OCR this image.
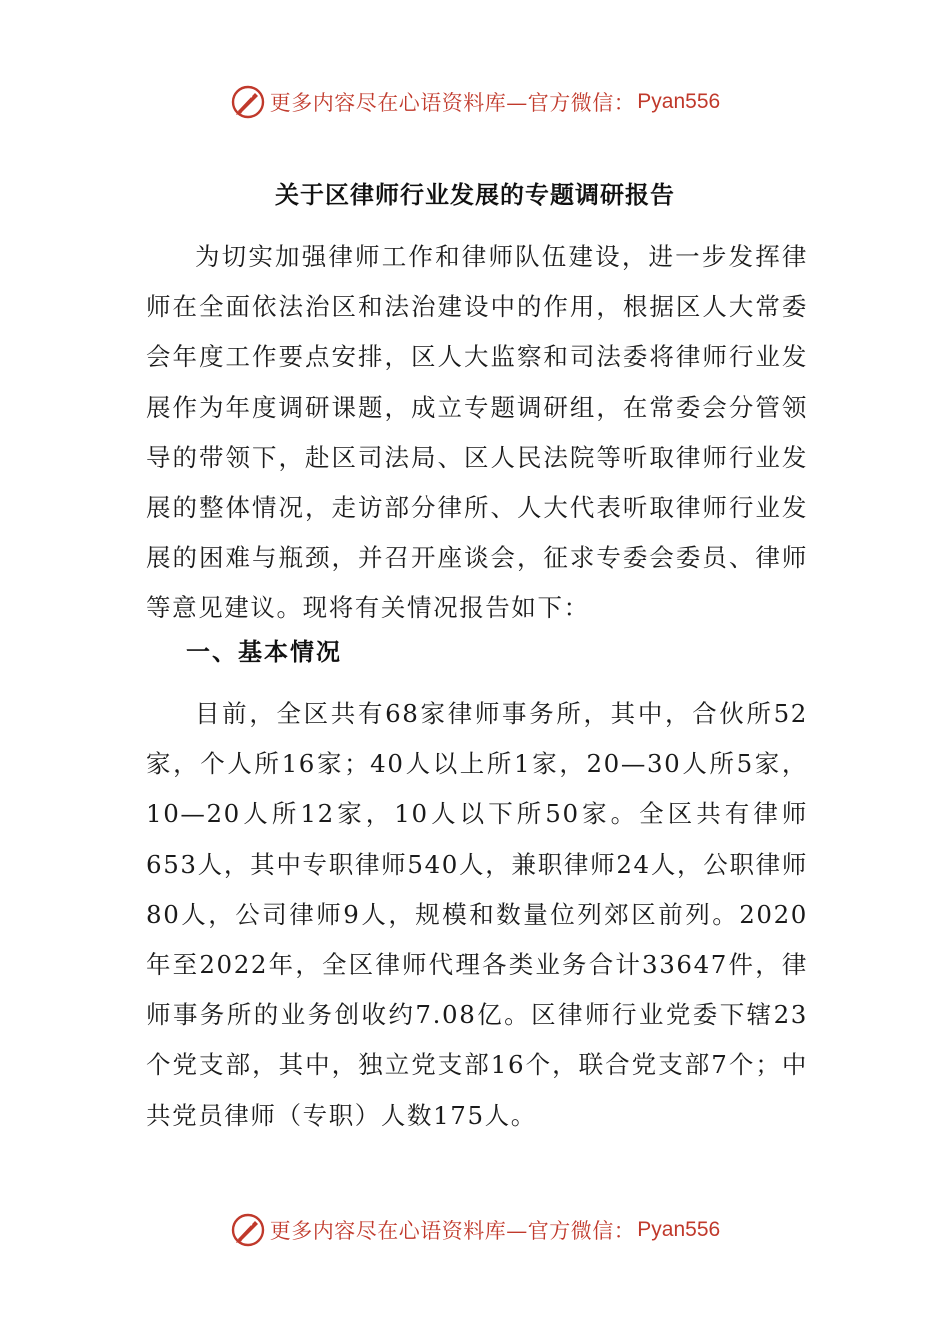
更多内容尽在心语资料库—官方微信： Pyan556
关于区律师行业发展的专题调研报告

为切实加强律师工作和律师队伍建设，进一步发挥律师在全面依法治区和法治建设中的作用，根据区人大常委会年度工作要点安排，区人大监察和司法委将律师行业发展作为年度调研课题，成立专题调研组，在常委会分管领导的带领下，赴区司法局、区人民法院等听取律师行业发展的整体情况，走访部分律所、人大代表听取律师行业发展的困难与瓶颈，并召开座谈会，征求专委会委员、律师等意见建议。现将有关情况报告如下：

一、基本情况

目前，全区共有68家律师事务所，其中，合伙所52家，个人所16家；40人以上所1家，20—30人所5家，10—20人所12家，10人以下所50家。全区共有律师653人，其中专职律师540人，兼职律师24人，公职律师80人，公司律师9人，规模和数量位列郊区前列。2020年至2022年，全区律师代理各类业务合计33647件，律师事务所的业务创收约7.08亿。区律师行业党委下辖23个党支部，其中，独立党支部16个，联合党支部7个；中共党员律师（专职）人数175人。

更多内容尽在心语资料库—官方微信： Pyan556
